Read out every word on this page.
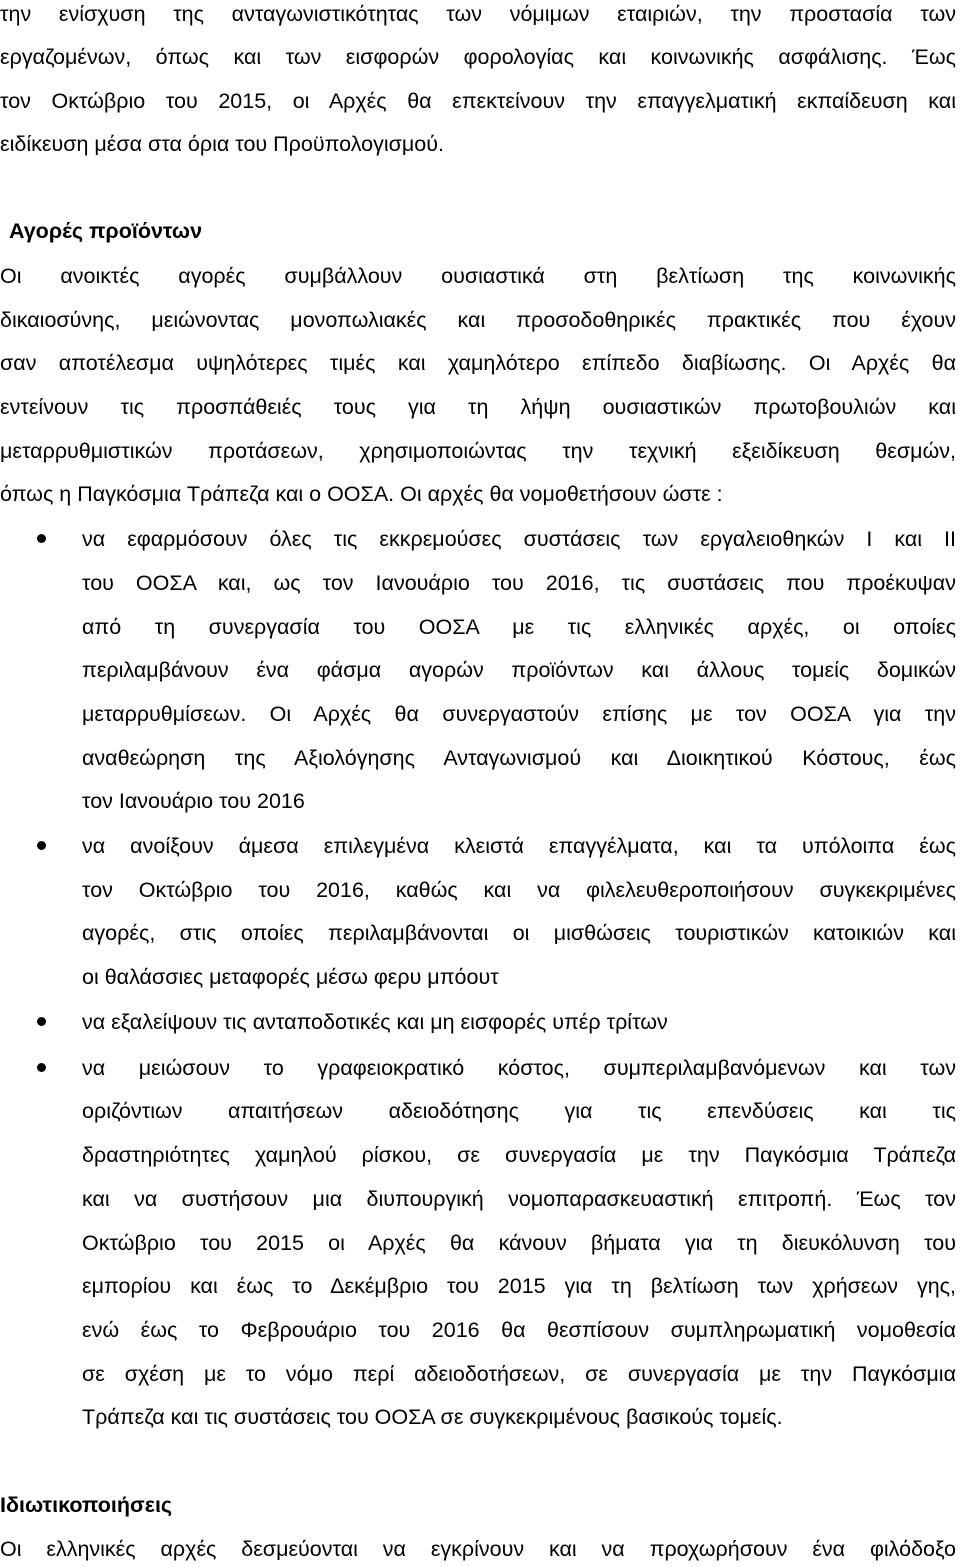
την ενίσχυση της ανταγωνιστικότητας των νόμιμων εταιριών, την προστασία των
εργαζομένων, όπως και των εισφορών φορολογίας και κοινωνικής ασφάλισης. Έως
τον Οκτώβριο του 2015, οι Αρχές θα επεκτείνουν την επαγγελματική εκπαίδευση και
ειδίκευση μέσα στα όρια του Προϋπολογισμού.
Αγορές προϊόντων
Οι ανοικτές αγορές συμβάλλουν ουσιαστικά στη βελτίωση της κοινωνικής
δικαιοσύνης, μειώνοντας μονοπωλιακές και προσοδοθηρικές πρακτικές που έχουν
σαν αποτέλεσμα υψηλότερες τιμές και χαμηλότερο επίπεδο διαβίωσης. Οι Αρχές θα
εντείνουν τις προσπάθειές τους για τη λήψη ουσιαστικών πρωτοβουλιών και
μεταρρυθμιστικών προτάσεων, χρησιμοποιώντας την τεχνική εξειδίκευση θεσμών,
όπως η Παγκόσμια Τράπεζα και ο ΟΟΣΑ. Οι αρχές θα νομοθετήσουν ώστε :
να εφαρμόσουν όλες τις εκκρεμούσες συστάσεις των εργαλειοθηκών Ι και ΙΙ
του ΟΟΣΑ και, ως τον Ιανουάριο του 2016, τις συστάσεις που προέκυψαν
από τη συνεργασία του ΟΟΣΑ με τις ελληνικές αρχές, οι οποίες
περιλαμβάνουν ένα φάσμα αγορών προϊόντων και άλλους τομείς δομικών
μεταρρυθμίσεων. Οι Αρχές θα συνεργαστούν επίσης με τον ΟΟΣΑ για την
αναθεώρηση της Αξιολόγησης Ανταγωνισμού και Διοικητικού Κόστους, έως
τον Ιανουάριο του 2016
να ανοίξουν άμεσα επιλεγμένα κλειστά επαγγέλματα, και τα υπόλοιπα έως
τον Οκτώβριο του 2016, καθώς και να φιλελευθεροποιήσουν συγκεκριμένες
αγορές, στις οποίες περιλαμβάνονται οι μισθώσεις τουριστικών κατοικιών και
οι θαλάσσιες μεταφορές μέσω φερυ μπόουτ
να εξαλείψουν τις ανταποδοτικές και μη εισφορές υπέρ τρίτων
να μειώσουν το γραφειοκρατικό κόστος, συμπεριλαμβανόμενων και των
οριζόντιων απαιτήσεων αδειοδότησης για τις επενδύσεις και τις
δραστηριότητες χαμηλού ρίσκου, σε συνεργασία με την Παγκόσμια Τράπεζα
και να συστήσουν μια διυπουργική νομοπαρασκευαστική επιτροπή. Έως τον
Οκτώβριο του 2015 οι Αρχές θα κάνουν βήματα για τη διευκόλυνση του
εμπορίου και έως το Δεκέμβριο του 2015 για τη βελτίωση των χρήσεων γης,
ενώ έως το Φεβρουάριο του 2016 θα θεσπίσουν συμπληρωματική νομοθεσία
σε σχέση με το νόμο περί αδειοδοτήσεων, σε συνεργασία με την Παγκόσμια
Τράπεζα και τις συστάσεις του ΟΟΣΑ σε συγκεκριμένους βασικούς τομείς.
Ιδιωτικοποιήσεις
Οι ελληνικές αρχές δεσμεύονται να εγκρίνουν και να προχωρήσουν ένα φιλόδοξο
